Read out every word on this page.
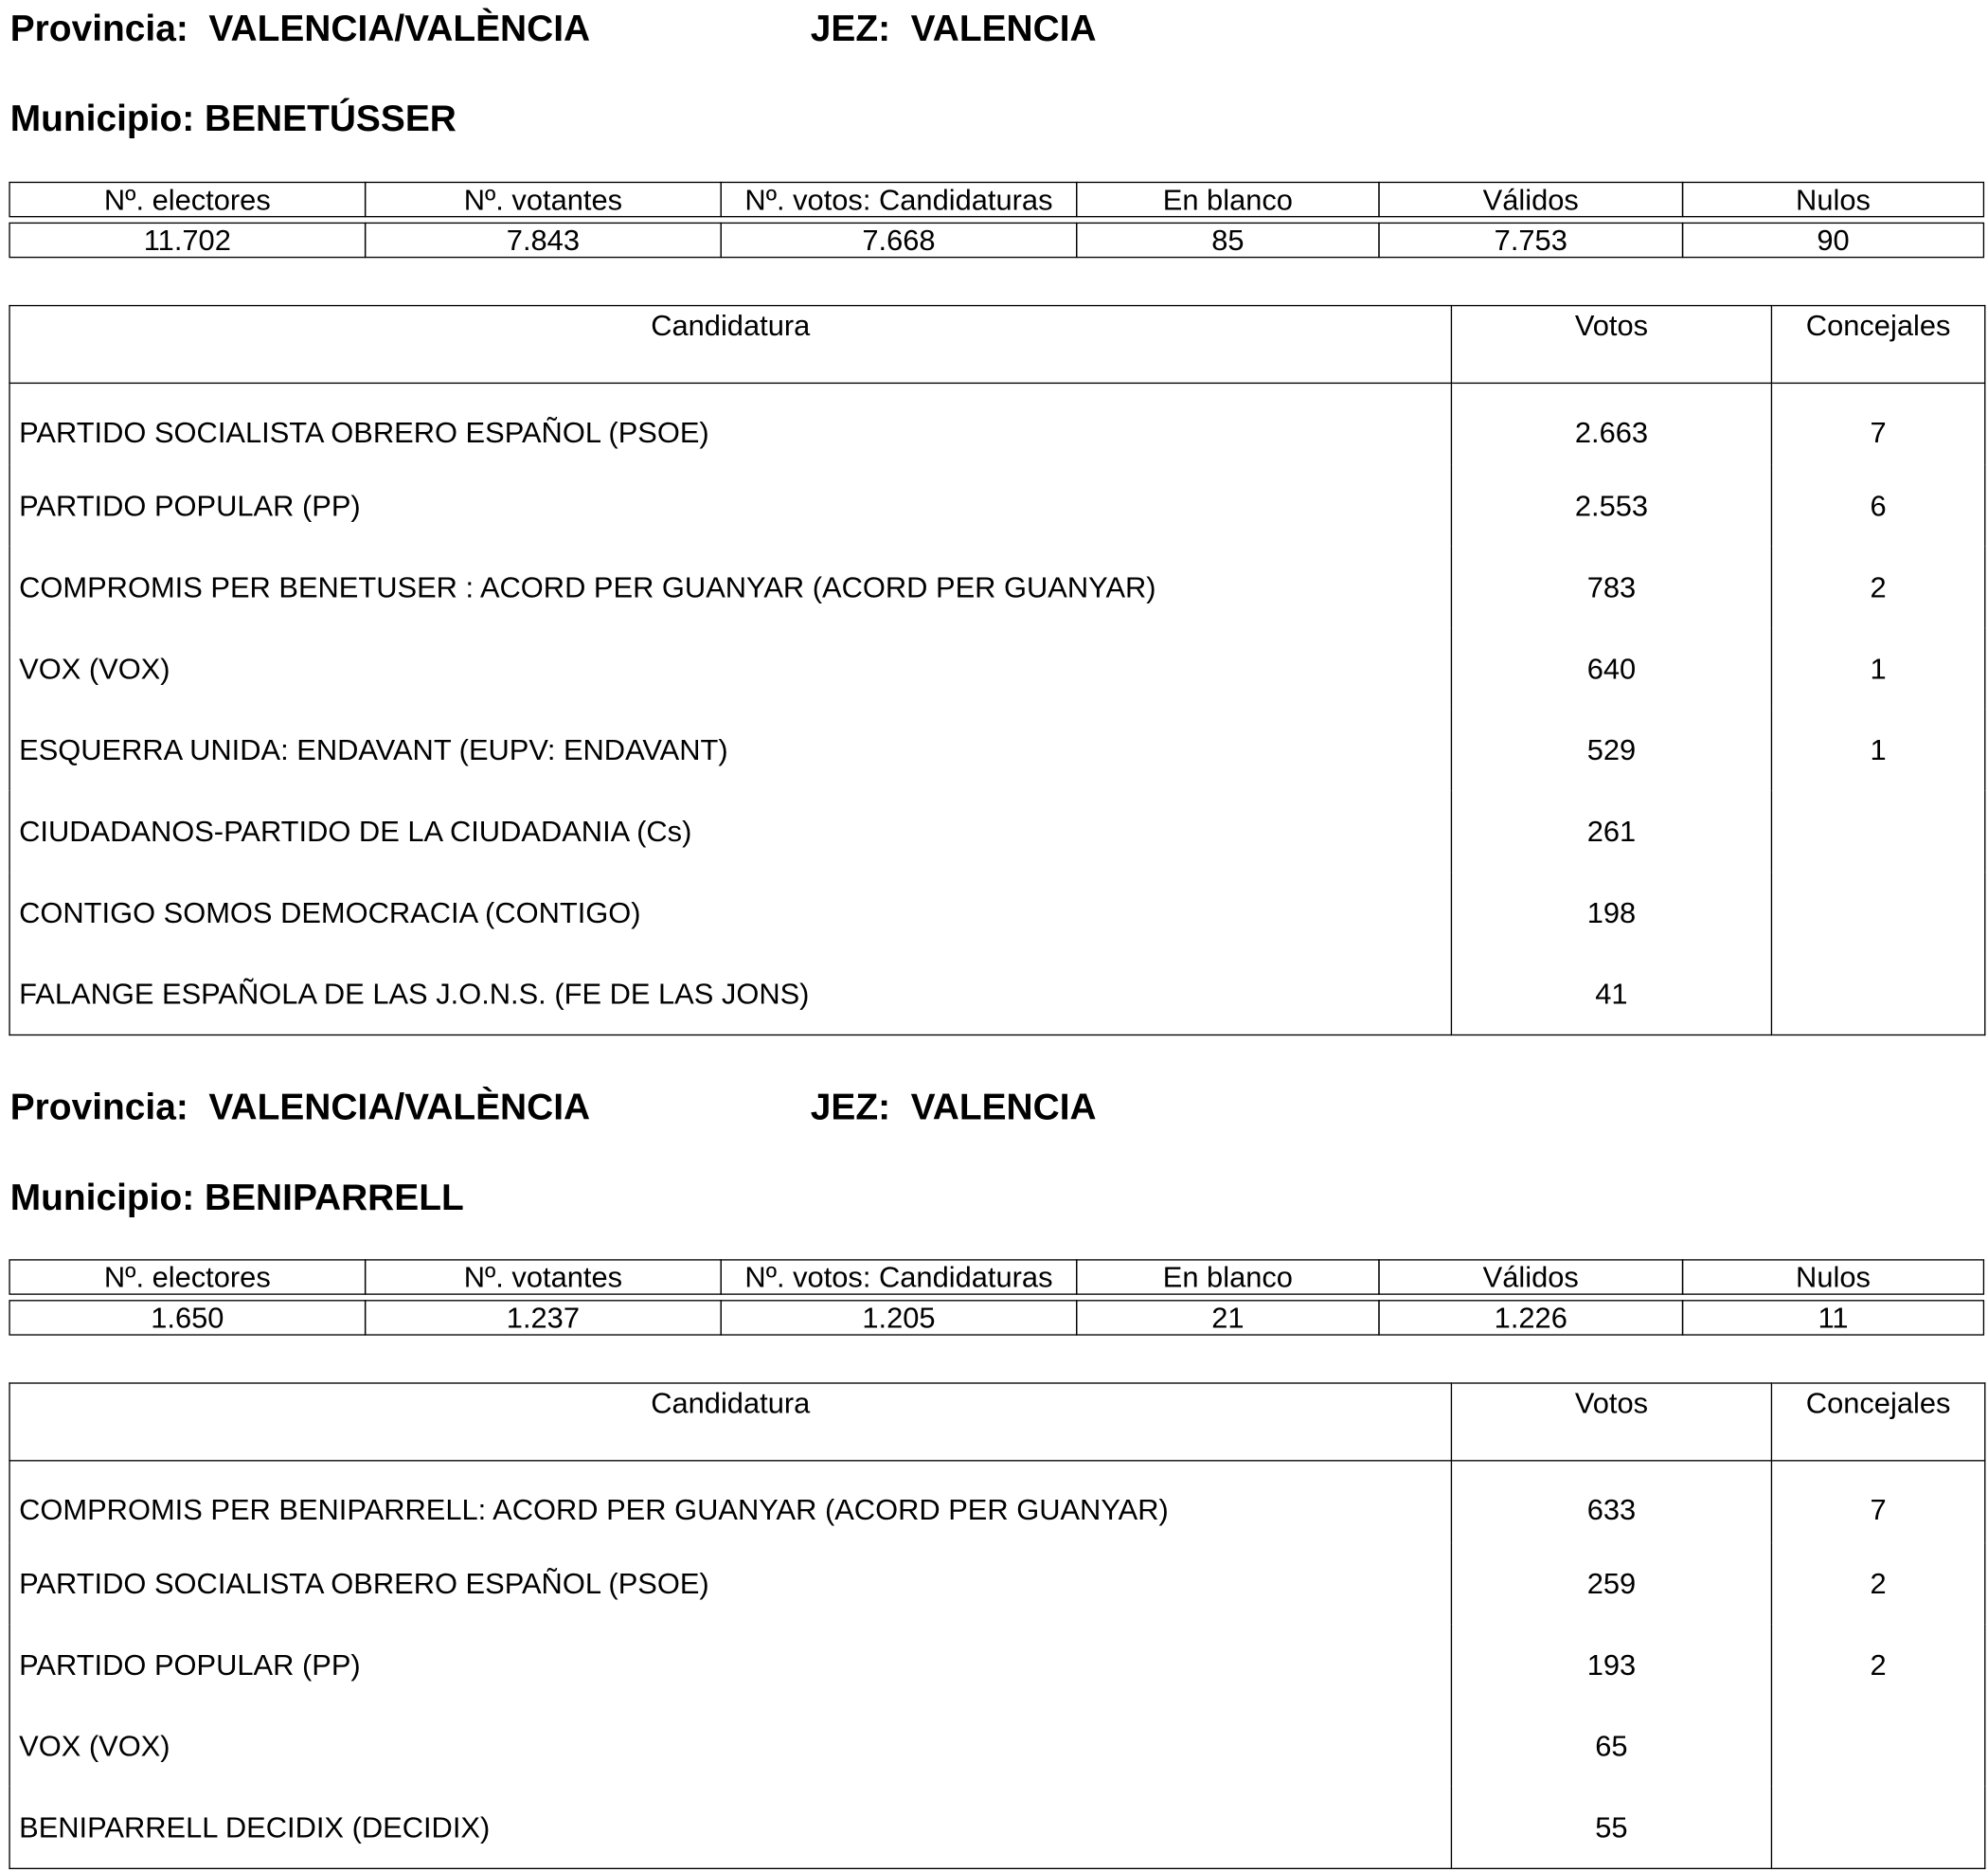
Provincia: VALENCIA/VALÈNCIA	JEZ: VALENCIA
Municipio: BENETÚSSER
Nº. electores	Nº. votantes	Nº. votos: Candidaturas	En blanco	Válidos	Nulos
11.702	7.843	7.668	85	7.753	90
Candidatura	Votos	Concejales
PARTIDO SOCIALISTA OBRERO ESPAÑOL (PSOE)	2.663	7
PARTIDO POPULAR (PP)	2.553	6
COMPROMIS PER BENETUSER : ACORD PER GUANYAR (ACORD PER GUANYAR)	783	2
VOX (VOX)	640	1
ESQUERRA UNIDA: ENDAVANT (EUPV: ENDAVANT)	529	1
CIUDADANOS-PARTIDO DE LA CIUDADANIA (Cs)	261	
CONTIGO SOMOS DEMOCRACIA (CONTIGO)	198	
FALANGE ESPAÑOLA DE LAS J.O.N.S. (FE DE LAS JONS)	41	
Provincia: VALENCIA/VALÈNCIA	JEZ: VALENCIA
Municipio: BENIPARRELL
Nº. electores	Nº. votantes	Nº. votos: Candidaturas	En blanco	Válidos	Nulos
1.650	1.237	1.205	21	1.226	11
Candidatura	Votos	Concejales
COMPROMIS PER BENIPARRELL: ACORD PER GUANYAR (ACORD PER GUANYAR)	633	7
PARTIDO SOCIALISTA OBRERO ESPAÑOL (PSOE)	259	2
PARTIDO POPULAR (PP)	193	2
VOX (VOX)	65	
BENIPARRELL DECIDIX (DECIDIX)	55	
